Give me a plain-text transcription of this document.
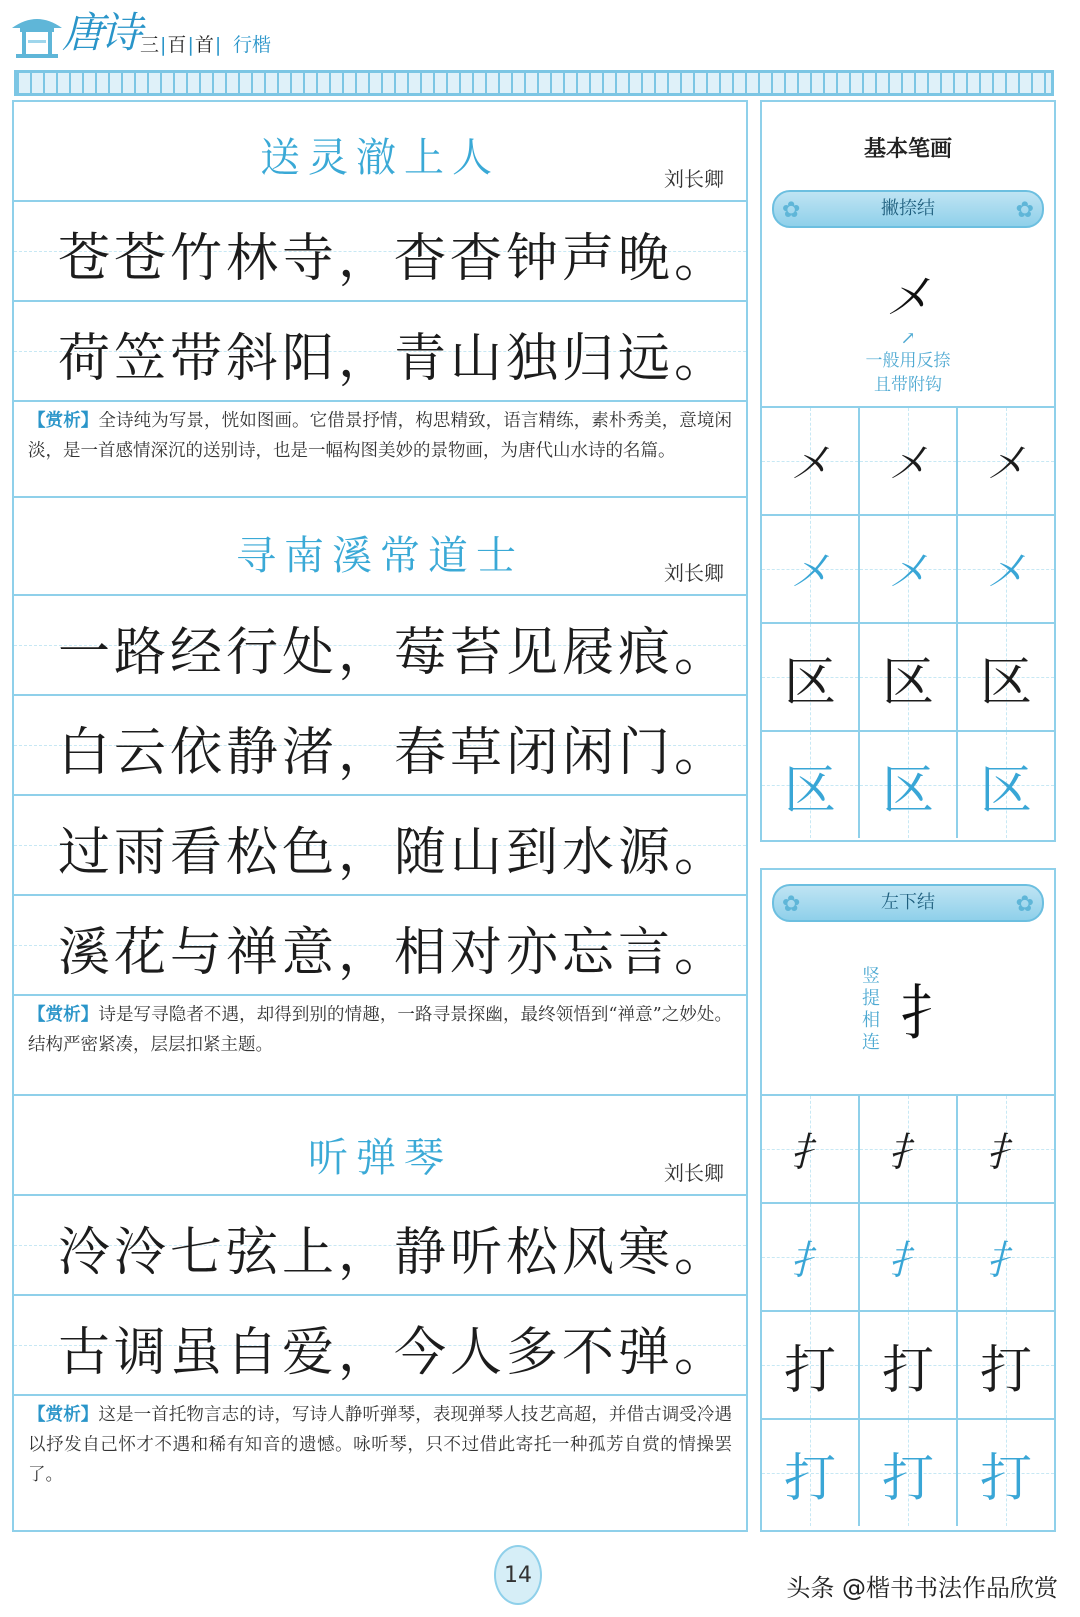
唐诗 三|百|首| 行楷
送灵澈上人	刘长卿
苍苍竹林寺，杳杳钟声晚。
荷笠带斜阳，青山独归远。
【赏析】全诗纯为写景，恍如图画。它借景抒情，构思精致，语言精练，素朴秀美，意境闲淡，是一首感情深沉的送别诗，也是一幅构图美妙的景物画，为唐代山水诗的名篇。
寻南溪常道士	刘长卿
一路经行处，莓苔见屐痕。
白云依静渚，春草闭闲门。
过雨看松色，随山到水源。
溪花与禅意，相对亦忘言。
【赏析】诗是写寻隐者不遇，却得到别的情趣，一路寻景探幽，最终领悟到“禅意”之妙处。结构严密紧凑，层层扣紧主题。
听弹琴	刘长卿
泠泠七弦上，静听松风寒。
古调虽自爱，今人多不弹。
【赏析】这是一首托物言志的诗，写诗人静听弹琴，表现弹琴人技艺高超，并借古调受冷遇以抒发自己怀才不遇和稀有知音的遗憾。咏听琴，只不过借此寄托一种孤芳自赏的情操罢了。
基本笔画
✿ 撇捺结 ✿
㐅
↗
一般用反捺
且带附钩
㐅 㐅 㐅
㐅 㐅 㐅
区 区 区
区 区 区
✿ 左下结 ✿
竖提相连 扌
扌 扌 扌
扌 扌 扌
打 打 打
打 打 打
14	头条 @楷书书法作品欣赏
